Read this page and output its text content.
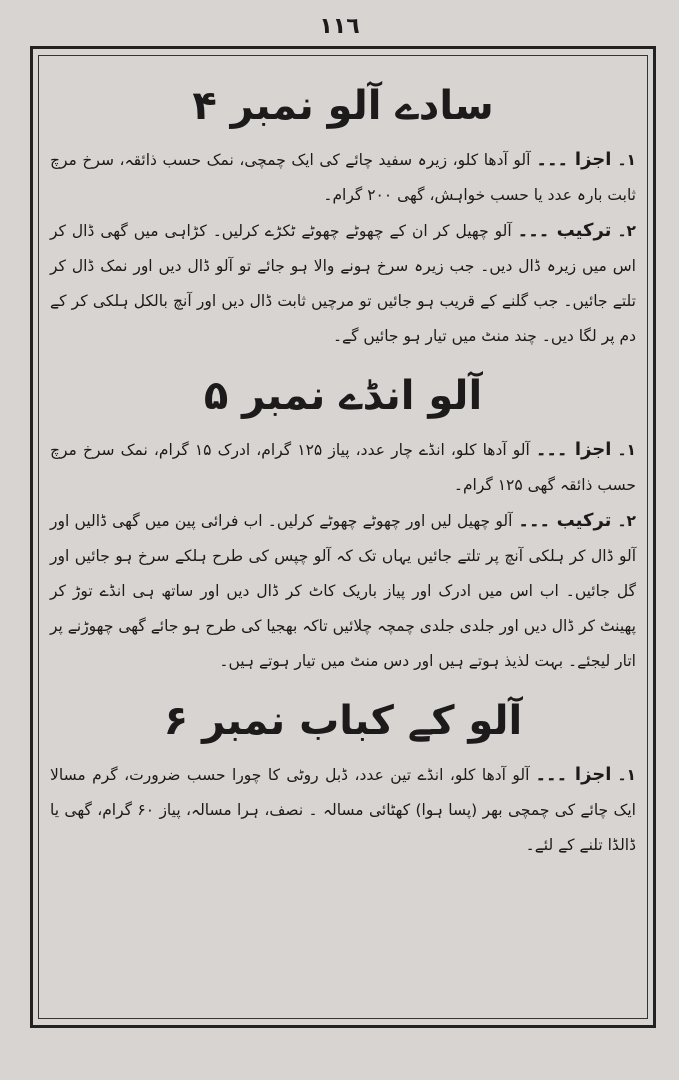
١١٦
سادے آلو نمبر ۴

١۔اجزا ۔۔۔آلو آدھا کلو، زیرہ سفید چائے کی ایک چمچی، نمک حسب ذائقہ، سرخ مرچ ثابت بارہ عدد یا حسب خواہش، گھی ۲۰۰ گرام۔

۲۔ترکیب ۔۔۔آلو چھیل کر ان کے چھوٹے چھوٹے ٹکڑے کرلیں۔ کڑاہی میں گھی ڈال کر اس میں زیرہ ڈال دیں۔ جب زیرہ سرخ ہونے والا ہو جائے تو آلو ڈال دیں اور نمک ڈال کر تلتے جائیں۔ جب گلنے کے قریب ہو جائیں تو مرچیں ثابت ڈال دیں اور آنچ بالکل ہلکی کر کے دم پر لگا دیں۔ چند منٹ میں تیار ہو جائیں گے۔

آلو انڈے نمبر ۵

١۔اجزا ۔۔۔آلو آدھا کلو، انڈے چار عدد، پیاز ۱۲۵ گرام، ادرک ۱۵ گرام، نمک سرخ مرچ حسب ذائقہ گھی ۱۲۵ گرام۔

۲۔ترکیب ۔۔۔آلو چھیل لیں اور چھوٹے چھوٹے کرلیں۔ اب فرائی پین میں گھی ڈالیں اور آلو ڈال کر ہلکی آنچ پر تلتے جائیں یہاں تک کہ آلو چپس کی طرح ہلکے سرخ ہو جائیں اور گل جائیں۔ اب اس میں ادرک اور پیاز باریک کاٹ کر ڈال دیں اور ساتھ ہی انڈے توڑ کر پھینٹ کر ڈال دیں اور جلدی جلدی چمچہ چلائیں تاکہ بھجیا کی طرح ہو جائے گھی چھوڑنے پر اتار لیجئے۔ بہت لذیذ ہوتے ہیں اور دس منٹ میں تیار ہوتے ہیں۔

آلو کے کباب نمبر ۶

١۔اجزا ۔۔۔آلو آدھا کلو، انڈے تین عدد، ڈبل روٹی کا چورا حسب ضرورت، گرم مسالا ایک چائے کی چمچی بھر (پسا ہوا) کھٹائی مسالہ ۔ نصف، ہرا مسالہ، پیاز ۶۰ گرام، گھی یا ڈالڈا تلنے کے لئے۔
